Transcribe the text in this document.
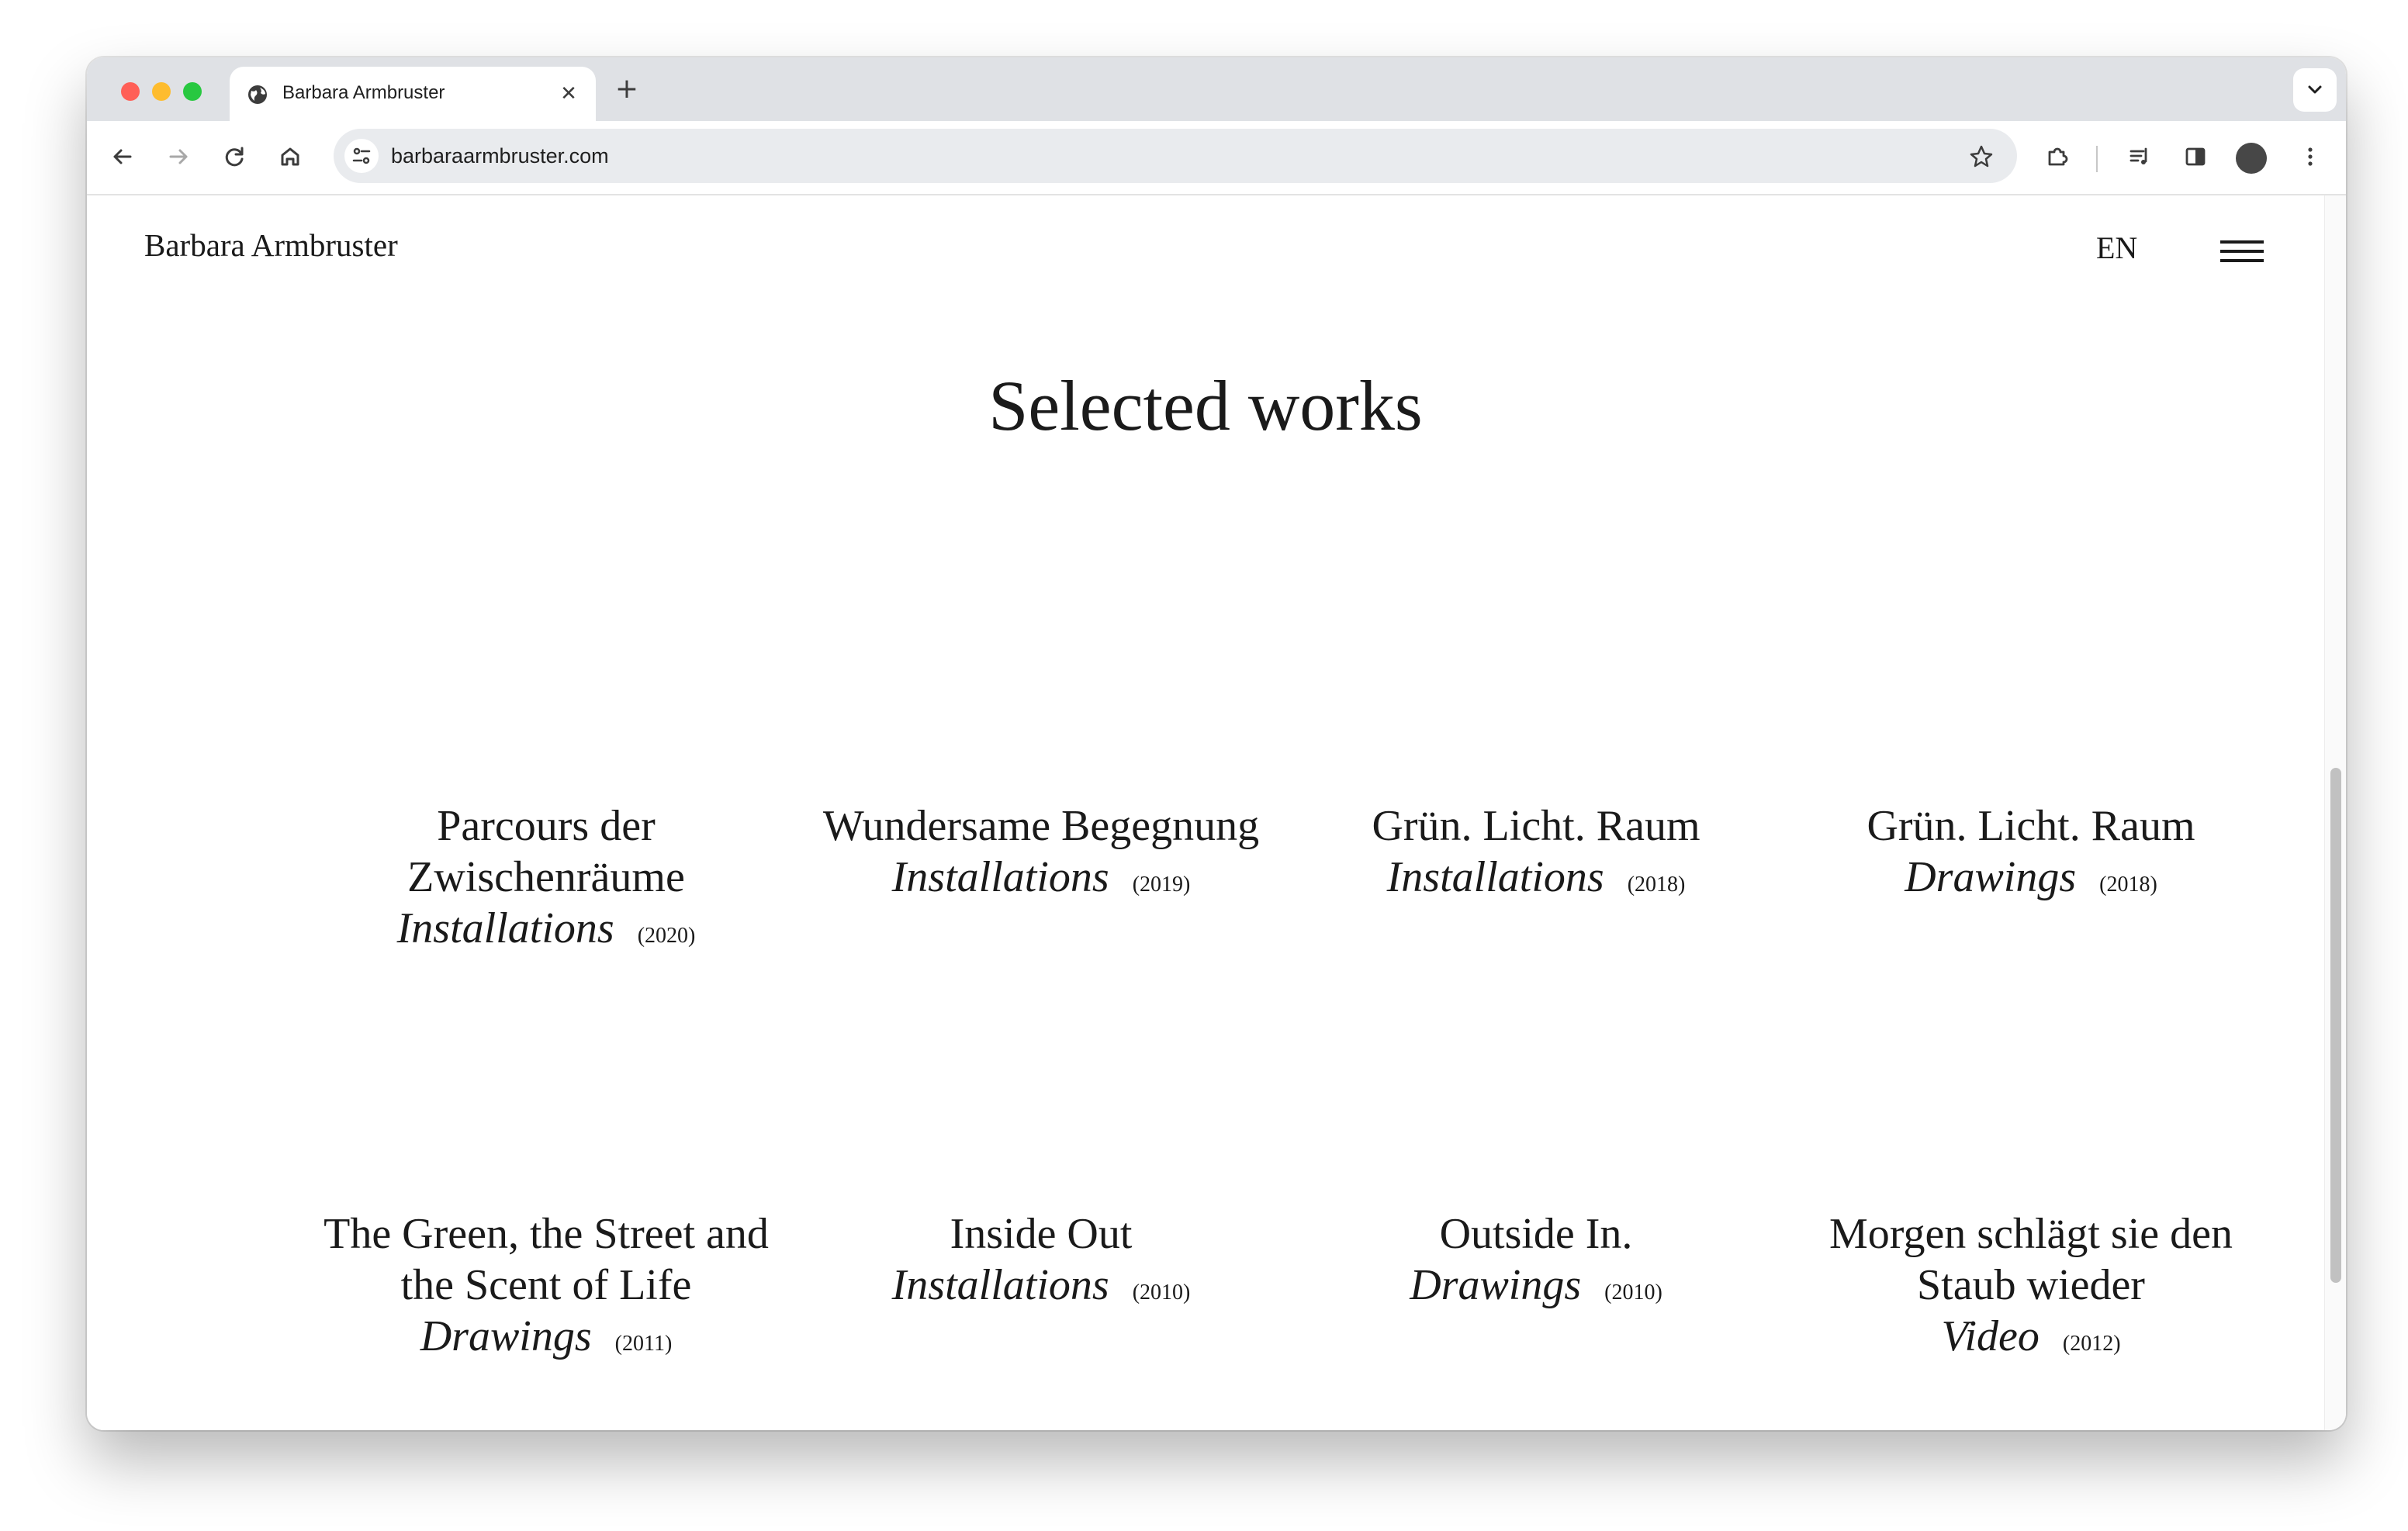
Barbara Armbruster	✕ +
barbaraarmbruster.com
Barbara Armbruster	EN
Selected works
Parcours der Zwischenräume
Installations (2020)
Wundersame Begegnung
Installations (2019)
Grün. Licht. Raum
Installations (2018)
Grün. Licht. Raum
Drawings (2018)
The Green, the Street and the Scent of Life
Drawings (2011)
Inside Out
Installations (2010)
Outside In.
Drawings (2010)
Morgen schlägt sie den Staub wieder
Video (2012)
